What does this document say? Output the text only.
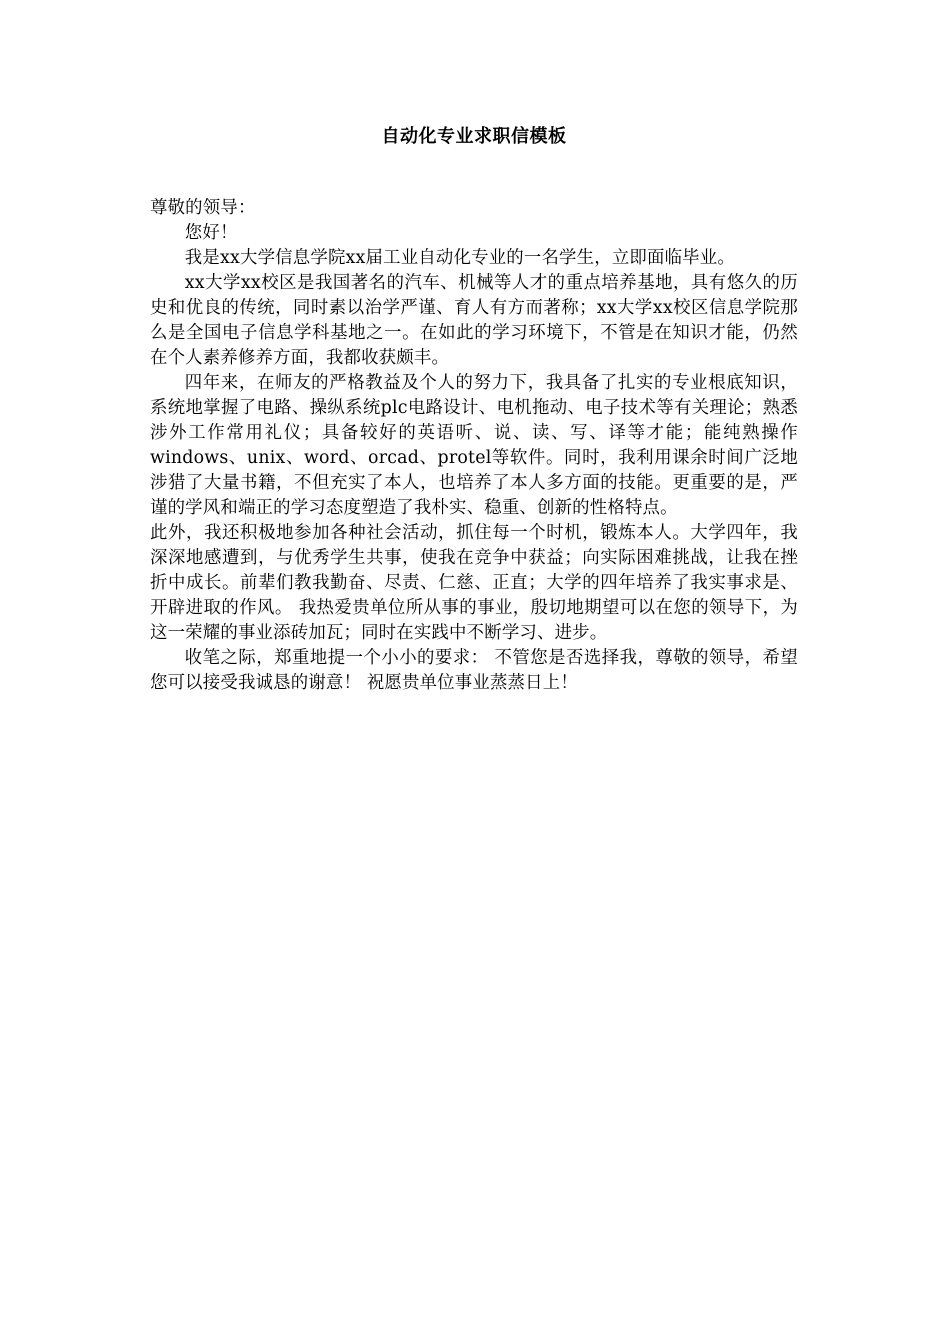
自动化专业求职信模板

尊敬的领导：

您好！

我是xx大学信息学院xx届工业自动化专业的一名学生，立即面临毕业。

xx大学xx校区是我国著名的汽车、机械等人才的重点培养基地，具有悠久的历史和优良的传统，同时素以治学严谨、育人有方而著称；xx大学xx校区信息学院那么是全国电子信息学科基地之一。在如此的学习环境下，不管是在知识才能，仍然在个人素养修养方面，我都收获颇丰。

四年来，在师友的严格教益及个人的努力下，我具备了扎实的专业根底知识，系统地掌握了电路、操纵系统plc电路设计、电机拖动、电子技术等有关理论；熟悉涉外工作常用礼仪；具备较好的英语听、说、读、写、译等才能；能纯熟操作windows、unix、word、orcad、protel等软件。同时，我利用课余时间广泛地涉猎了大量书籍，不但充实了本人，也培养了本人多方面的技能。更重要的是，严谨的学风和端正的学习态度塑造了我朴实、稳重、创新的性格特点。

此外，我还积极地参加各种社会活动，抓住每一个时机，锻炼本人。大学四年，我深深地感遭到，与优秀学生共事，使我在竞争中获益；向实际困难挑战，让我在挫折中成长。前辈们教我勤奋、尽责、仁慈、正直；大学的四年培养了我实事求是、开辟进取的作风。 我热爱贵单位所从事的事业，殷切地期望可以在您的领导下，为这一荣耀的事业添砖加瓦；同时在实践中不断学习、进步。

收笔之际，郑重地提一个小小的要求： 不管您是否选择我，尊敬的领导，希望您可以接受我诚恳的谢意！ 祝愿贵单位事业蒸蒸日上！
